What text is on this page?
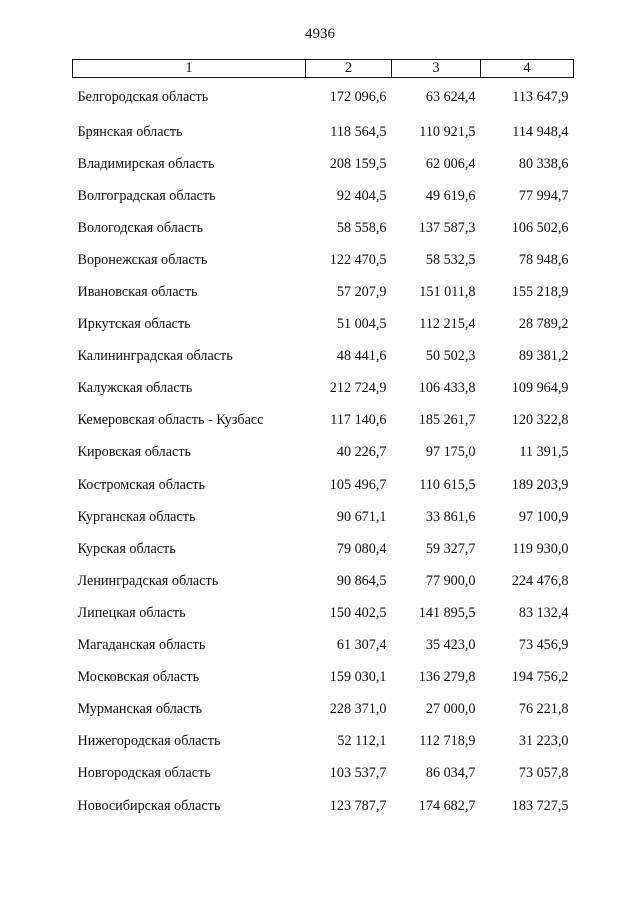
4936
1	2	3	4
Белгородская область	172 096,6	63 624,4	113 647,9
Брянская область	118 564,5	110 921,5	114 948,4
Владимирская область	208 159,5	62 006,4	80 338,6
Волгоградская область	92 404,5	49 619,6	77 994,7
Вологодская область	58 558,6	137 587,3	106 502,6
Воронежская область	122 470,5	58 532,5	78 948,6
Ивановская область	57 207,9	151 011,8	155 218,9
Иркутская область	51 004,5	112 215,4	28 789,2
Калининградская область	48 441,6	50 502,3	89 381,2
Калужская область	212 724,9	106 433,8	109 964,9
Кемеровская область - Кузбасс	117 140,6	185 261,7	120 322,8
Кировская область	40 226,7	97 175,0	11 391,5
Костромская область	105 496,7	110 615,5	189 203,9
Курганская область	90 671,1	33 861,6	97 100,9
Курская область	79 080,4	59 327,7	119 930,0
Ленинградская область	90 864,5	77 900,0	224 476,8
Липецкая область	150 402,5	141 895,5	83 132,4
Магаданская область	61 307,4	35 423,0	73 456,9
Московская область	159 030,1	136 279,8	194 756,2
Мурманская область	228 371,0	27 000,0	76 221,8
Нижегородская область	52 112,1	112 718,9	31 223,0
Новгородская область	103 537,7	86 034,7	73 057,8
Новосибирская область	123 787,7	174 682,7	183 727,5
